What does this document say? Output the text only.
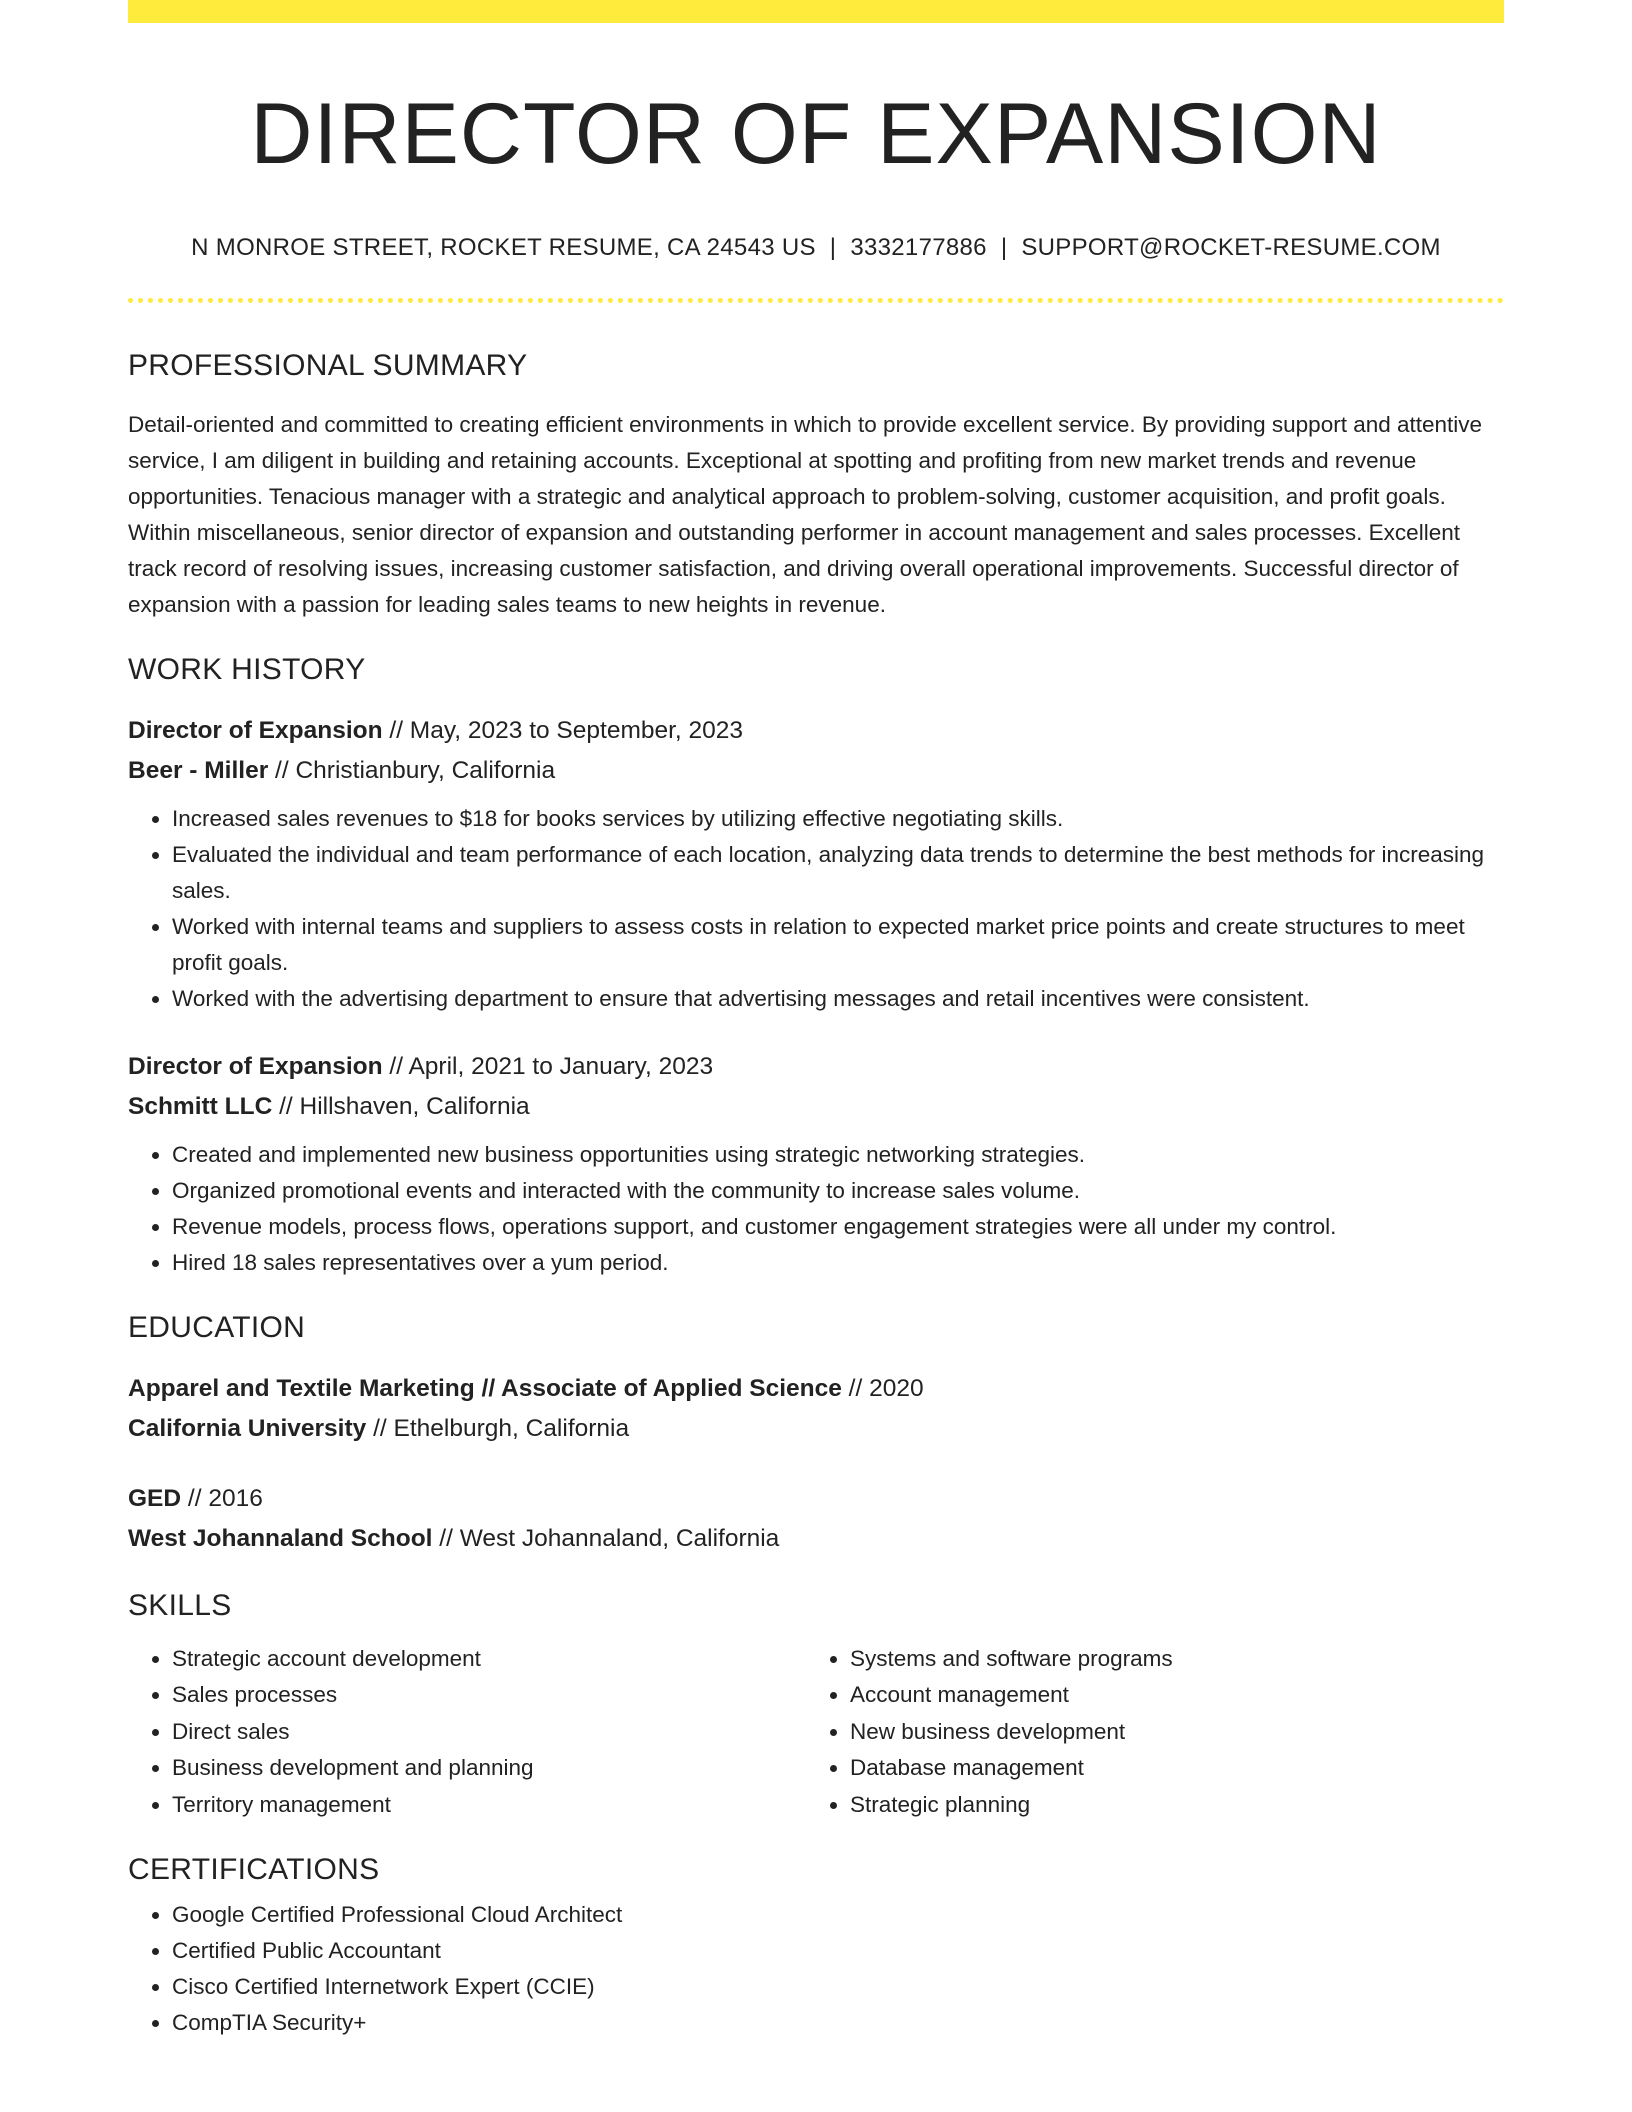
DIRECTOR OF EXPANSION
N MONROE STREET, ROCKET RESUME, CA 24543 US | 3332177886 | SUPPORT@ROCKET-RESUME.COM
PROFESSIONAL SUMMARY

Detail-oriented and committed to creating efficient environments in which to provide excellent service. By providing support and attentive service, I am diligent in building and retaining accounts. Exceptional at spotting and profiting from new market trends and revenue opportunities. Tenacious manager with a strategic and analytical approach to problem-solving, customer acquisition, and profit goals. Within miscellaneous, senior director of expansion and outstanding performer in account management and sales processes. Excellent track record of resolving issues, increasing customer satisfaction, and driving overall operational improvements. Successful director of expansion with a passion for leading sales teams to new heights in revenue.

WORK HISTORY
Director of Expansion // May, 2023 to September, 2023
Beer - Miller // Christianbury, California
• Increased sales revenues to $18 for books services by utilizing effective negotiating skills.
• Evaluated the individual and team performance of each location, analyzing data trends to determine the best methods for increasing sales.
• Worked with internal teams and suppliers to assess costs in relation to expected market price points and create structures to meet profit goals.
• Worked with the advertising department to ensure that advertising messages and retail incentives were consistent.
Director of Expansion // April, 2021 to January, 2023
Schmitt LLC // Hillshaven, California
• Created and implemented new business opportunities using strategic networking strategies.
• Organized promotional events and interacted with the community to increase sales volume.
• Revenue models, process flows, operations support, and customer engagement strategies were all under my control.
• Hired 18 sales representatives over a yum period.
EDUCATION
Apparel and Textile Marketing // Associate of Applied Science // 2020
California University // Ethelburgh, California
GED // 2016
West Johannaland School // West Johannaland, California
SKILLS
• Strategic account development
• Sales processes
• Direct sales
• Business development and planning
• Territory management
• Systems and software programs
• Account management
• New business development
• Database management
• Strategic planning
CERTIFICATIONS
• Google Certified Professional Cloud Architect
• Certified Public Accountant
• Cisco Certified Internetwork Expert (CCIE)
• CompTIA Security+
